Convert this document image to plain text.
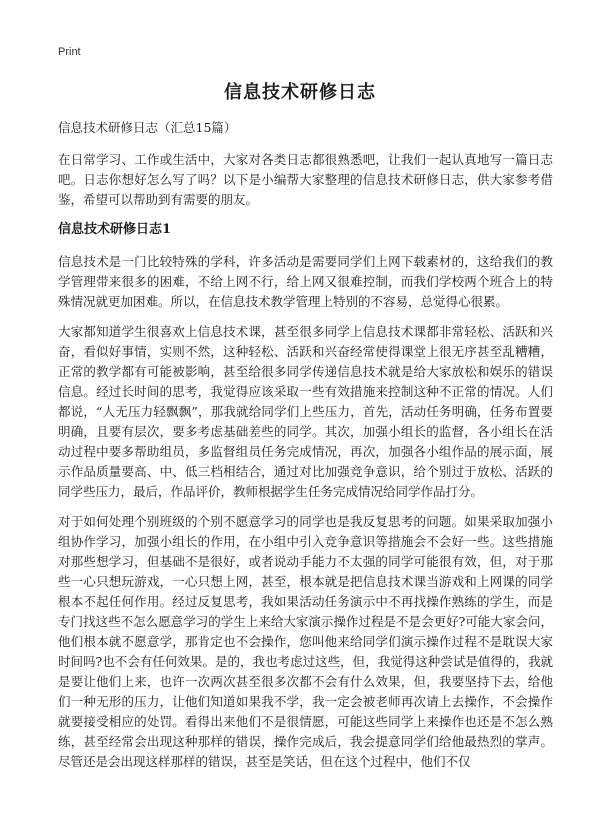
Print
信息技术研修日志
信息技术研修日志（汇总15篇）

在日常学习、工作或生活中，大家对各类日志都很熟悉吧，让我们一起认真地写一篇日志吧。日志你想好怎么写了吗？以下是小编帮大家整理的信息技术研修日志，供大家参考借鉴，希望可以帮助到有需要的朋友。

信息技术研修日志1

信息技术是一门比较特殊的学科，许多活动是需要同学们上网下载素材的，这给我们的教学管理带来很多的困难，不给上网不行，给上网又很难控制，而我们学校两个班合上的特殊情况就更加困难。所以，在信息技术教学管理上特别的不容易，总觉得心很累。

大家都知道学生很喜欢上信息技术课，甚至很多同学上信息技术课都非常轻松、活跃和兴奋，看似好事情，实则不然，这种轻松、活跃和兴奋经常使得课堂上很无序甚至乱糟糟，正常的教学都有可能被影响，甚至给很多同学传递信息技术就是给大家放松和娱乐的错误信息。经过长时间的思考，我觉得应该采取一些有效措施来控制这种不正常的情况。人们都说，“人无压力轻飘飘”，那我就给同学们上些压力，首先，活动任务明确，任务布置要明确，且要有层次，要多考虑基础差些的同学。其次，加强小组长的监督，各小组长在活动过程中要多帮助组员，多监督组员任务完成情况，再次，加强各小组作品的展示面，展示作品质量要高、中、低三档相结合，通过对比加强竞争意识，给个别过于放松、活跃的同学些压力，最后，作品评价，教师根据学生任务完成情况给同学作品打分。

对于如何处理个别班级的个别不愿意学习的同学也是我反复思考的问题。如果采取加强小组协作学习，加强小组长的作用，在小组中引入竞争意识等措施会不会好一些。这些措施对那些想学习，但基础不是很好，或者说动手能力不太强的同学可能很有效，但，对于那些一心只想玩游戏，一心只想上网，甚至，根本就是把信息技术课当游戏和上网课的同学根本不起任何作用。经过反复思考，我如果活动任务演示中不再找操作熟练的学生，而是专门找这些不怎么愿意学习的学生上来给大家演示操作过程是不是会更好?可能大家会问，他们根本就不愿意学，那肯定也不会操作，您叫他来给同学们演示操作过程不是耽误大家时间吗?也不会有任何效果。是的，我也考虑过这些，但，我觉得这种尝试是值得的，我就是要让他们上来，也许一次两次甚至很多次都不会有什么效果，但，我要坚持下去，给他们一种无形的压力，让他们知道如果我不学，我一定会被老师再次请上去操作，不会操作就要接受相应的处罚。看得出来他们不是很情愿，可能这些同学上来操作也还是不怎么熟练，甚至经常会出现这种那样的错误，操作完成后，我会提意同学们给他最热烈的掌声。尽管还是会出现这样那样的错误，甚至是笑话，但在这个过程中，他们不仅
